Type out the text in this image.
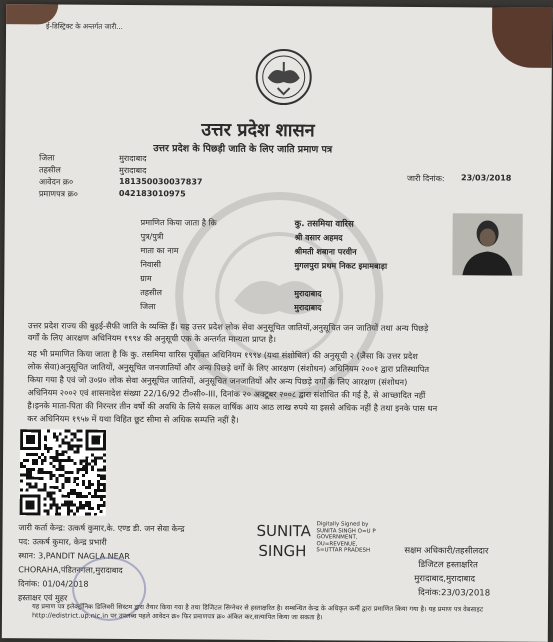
ई-डिस्ट्रिक्ट के अन्तर्गत जारी...
उत्तर प्रदेश शासन
उत्तर प्रदेश के पिछड़ी जाति के लिए जाति प्रमाण पत्र
जिला	मुरादाबाद
तहसील	मुरादाबाद
आवेदन क्र०	181350030037837
प्रमाणपत्र क्र०	042183010975
जारी दिनांक: 23/03/2018
प्रमाणित किया जाता है कि	कु. तसमिया वारिस
पुत्र/पुत्री	श्री वसार अहमद
माता का नाम	श्रीमती शबाना परवीन
निवासी	मुगलपुरा प्रथम निकट इमामबाड़ा
ग्राम
तहसील	मुरादाबाद
जिला	मुरादाबाद
उत्तर प्रदेश राज्य की बुढ़ई-सैफी जाति के व्यक्ति हैं। यह उत्तर प्रदेश लोक सेवा अनुसूचित जातियों,अनुसूचित जन जातियों तथा अन्य पिछड़े
वर्गों के लिए आरक्षण अधिनियम १९९४ की अनुसूची एक के अन्तर्गत मान्यता प्राप्त है।
यह भी प्रमाणित किया जाता है कि कु. तसमिया वारिस पूर्वोक्त अधिनियम १९९४ (यथा संशोधित) की अनुसूची २ (जैसा कि उत्तर प्रदेश
लोक सेवा)अनुसूचित जातियों, अनुसूचित जनजातियों और अन्य पिछड़े वर्गों के लिए आरक्षण (संशोधन) अधिनियम २००१ द्वारा प्रतिस्थापित
किया गया है एवं जो उ०प्र० लोक सेवा अनुसूचित जातियों, अनुसूचित जनजातियों और अन्य पिछड़े वर्गों के लिए आरक्षण (संशोधन)
अधिनियम २००२ एवं शासनादेश संख्या 22/16/92 टी०सी०-III, दिनांक २० अक्टूबर २००८ द्वारा संशोधित की गई है, से आच्छादित नहीं
है।इनके माता-पिता की निरन्तर तीन वर्षो की अवधि के लिये सकल वार्षिक आय आठ लाख रुपये या इससे अधिक नहीं है तथा इनके पास धन
कर अधिनियम १९५७ में यथा विहित छूट सीमा से अधिक सम्पत्ति नहीं है।
जारी कर्ता केन्द्र: उत्कर्ष कुमार,के. एण्ड डी. जन सेवा केन्द्र
पद: उत्कर्ष कुमार, केन्द्र प्रभारी
स्थान: 3,PANDIT NAGLA NEAR
CHORAHA,पंडितनगला,मुरादाबाद
दिनांक: 01/04/2018
हस्ताक्षर एवं मुहर
SUNITA
SINGH
Digitally Signed by
SUNITA SINGH O=U P
GOVERNMENT,
OU=REVENUE,
S=UTTAR PRADESH	सक्षम अधिकारी/तहसीलदार
डिजिटल हस्ताक्षरित
मुरादाबाद,मुरादाबाद
दिनांक:23/03/2018
यह प्रमाण पत्र इलेक्ट्रॉनिक डिलिवरी सिस्टम द्वारा तैयार किया गया है तथा डिजिटल सिग्नेचर से हस्ताक्षरित है। सम्बन्धित केन्द्र के अधिकृत कर्मी द्वारा प्रमाणित किया गया है। यह प्रमाण पत्र वेबसाइट http://edistrict.up.nic.in पर उपलब्ध पहले आवेदन क्र० फिर प्रमाणपत्र क्र० अंकित कर,सत्यापित किया जा सकता है।
